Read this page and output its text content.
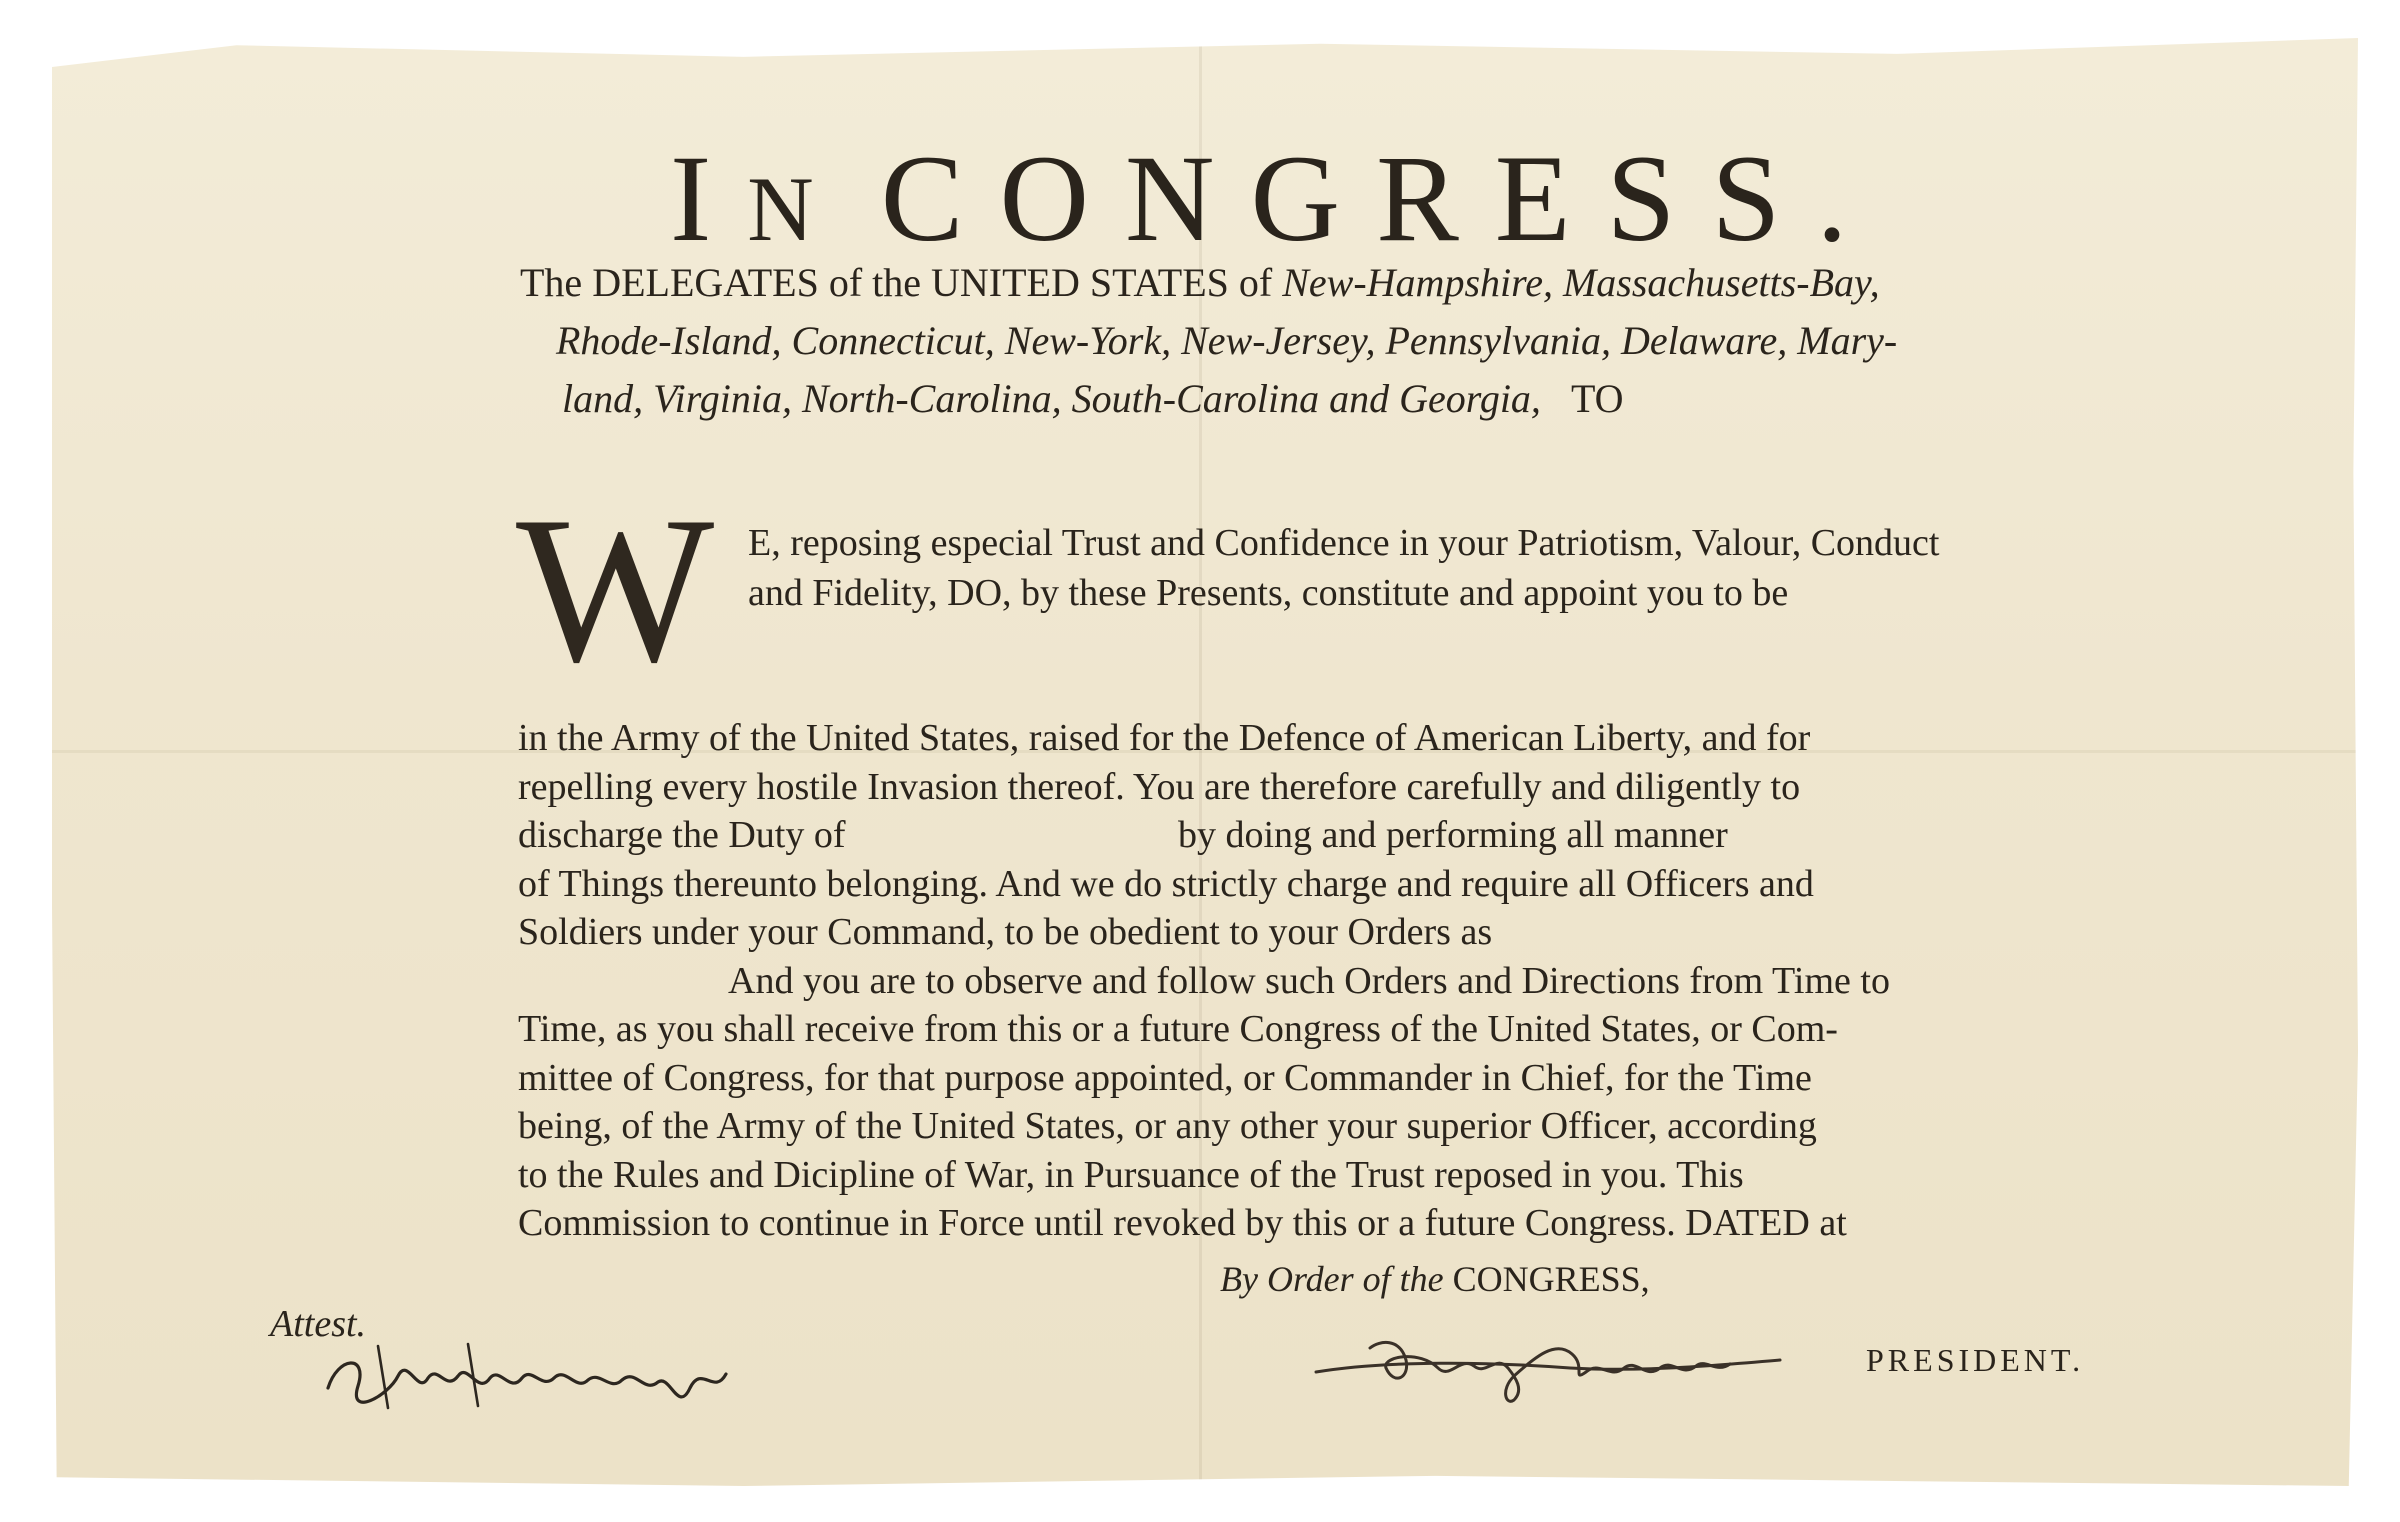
IN CONGRESS.
The DELEGATES of the UNITED STATES of New-Hampshire, Massachusetts-Bay,
Rhode-Island, Connecticut, New-York, New-Jersey, Pennsylvania, Delaware, Mary-
land, Virginia, North-Carolina, South-Carolina and Georgia, TO
W E, reposing especial Trust and Confidence in your Patriotism, Valour, Conduct
and Fidelity, DO, by these Presents, constitute and appoint you to be
in the Army of the United States, raised for the Defence of American Liberty, and for
repelling every hostile Invasion thereof. You are therefore carefully and diligently to
discharge the Duty of                                   by doing and performing all manner
of Things thereunto belonging. And we do strictly charge and require all Officers and
Soldiers under your Command, to be obedient to your Orders as
And you are to observe and follow such Orders and Directions from Time to
Time, as you shall receive from this or a future Congress of the United States, or Com-
mittee of Congress, for that purpose appointed, or Commander in Chief, for the Time
being, of the Army of the United States, or any other your superior Officer, according
to the Rules and Dicipline of War, in Pursuance of the Trust reposed in you. This
Commission to continue in Force until revoked by this or a future Congress. DATED at
By Order of the CONGRESS,
Attest.
PRESIDENT.
